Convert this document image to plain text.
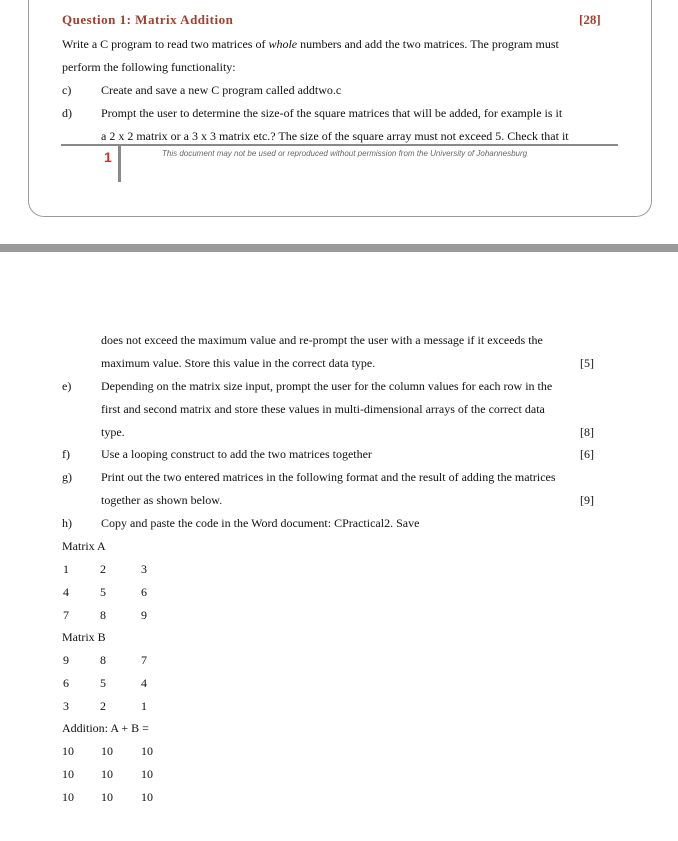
Question 1: Matrix Addition	[28]
Write a C program to read two matrices of whole numbers and add the two matrices. The program must
perform the following functionality:
c) Create and save a new C program called addtwo.c
d) Prompt the user to determine the size-of the square matrices that will be added, for example is it
a 2 x 2 matrix or a 3 x 3 matrix etc.? The size of the square array must not exceed 5. Check that it
1	This document may not be used or reproduced without permission from the University of Johannesburg
does not exceed the maximum value and re-prompt the user with a message if it exceeds the
maximum value. Store this value in the correct data type.	[5]
e) Depending on the matrix size input, prompt the user for the column values for each row in the
first and second matrix and store these values in multi-dimensional arrays of the correct data
type.	[8]
f)	Use a looping construct to add the two matrices together	[6]
g) Print out the two entered matrices in the following format and the result of adding the matrices
together as shown below.	[9]
h) Copy and paste the code in the Word document: CPractical2. Save
Matrix A
1	2	3
4	5	6
7	8	9
Matrix B
9	8	7
6	5	4
3	2	1
Addition: A + B =
10 10 10
10 10 10
10 10 10
